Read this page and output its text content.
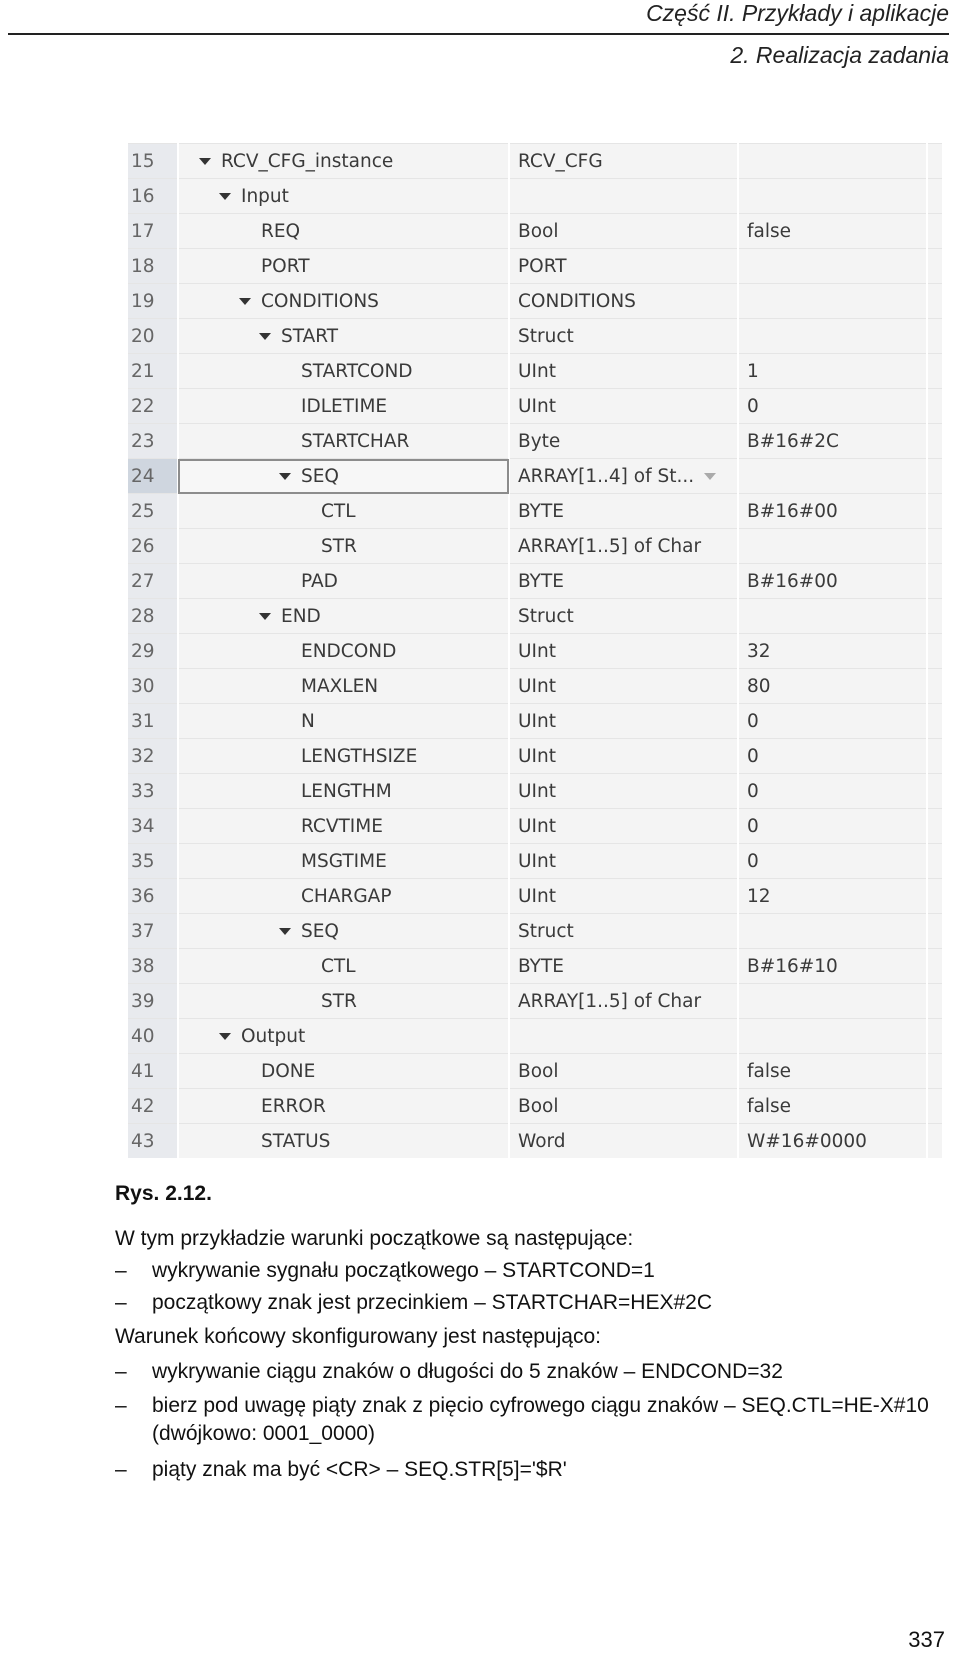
Część II. Przykłady i aplikacje
2. Realizacja zadania
15	RCV_CFG_instance	RCV_CFG		
16	Input			
17	REQ	Bool	false	
18	PORT	PORT		
19	CONDITIONS	CONDITIONS		
20	START	Struct		
21	STARTCOND	UInt	1	
22	IDLETIME	UInt	0	
23	STARTCHAR	Byte	B#16#2C	
24	SEQ	ARRAY[1..4] of St...		
25	CTL	BYTE	B#16#00	
26	STR	ARRAY[1..5] of Char		
27	PAD	BYTE	B#16#00	
28	END	Struct		
29	ENDCOND	UInt	32	
30	MAXLEN	UInt	80	
31	N	UInt	0	
32	LENGTHSIZE	UInt	0	
33	LENGTHM	UInt	0	
34	RCVTIME	UInt	0	
35	MSGTIME	UInt	0	
36	CHARGAP	UInt	12	
37	SEQ	Struct		
38	CTL	BYTE	B#16#10	
39	STR	ARRAY[1..5] of Char		
40	Output			
41	DONE	Bool	false	
42	ERROR	Bool	false	
43	STATUS	Word	W#16#0000	
Rys. 2.12.
W tym przykładzie warunki początkowe są następujące:
– wykrywanie sygnału początkowego – STARTCOND=1
– początkowy znak jest przecinkiem – STARTCHAR=HEX#2C
Warunek końcowy skonfigurowany jest następująco:
– wykrywanie ciągu znaków o długości do 5 znaków – ENDCOND=32
– bierz pod uwagę piąty znak z pięcio cyfrowego ciągu znaków – SEQ.CTL=HE-X#10 (dwójkowo: 0001_0000)
– piąty znak ma być <CR> – SEQ.STR[5]='$R'
337
